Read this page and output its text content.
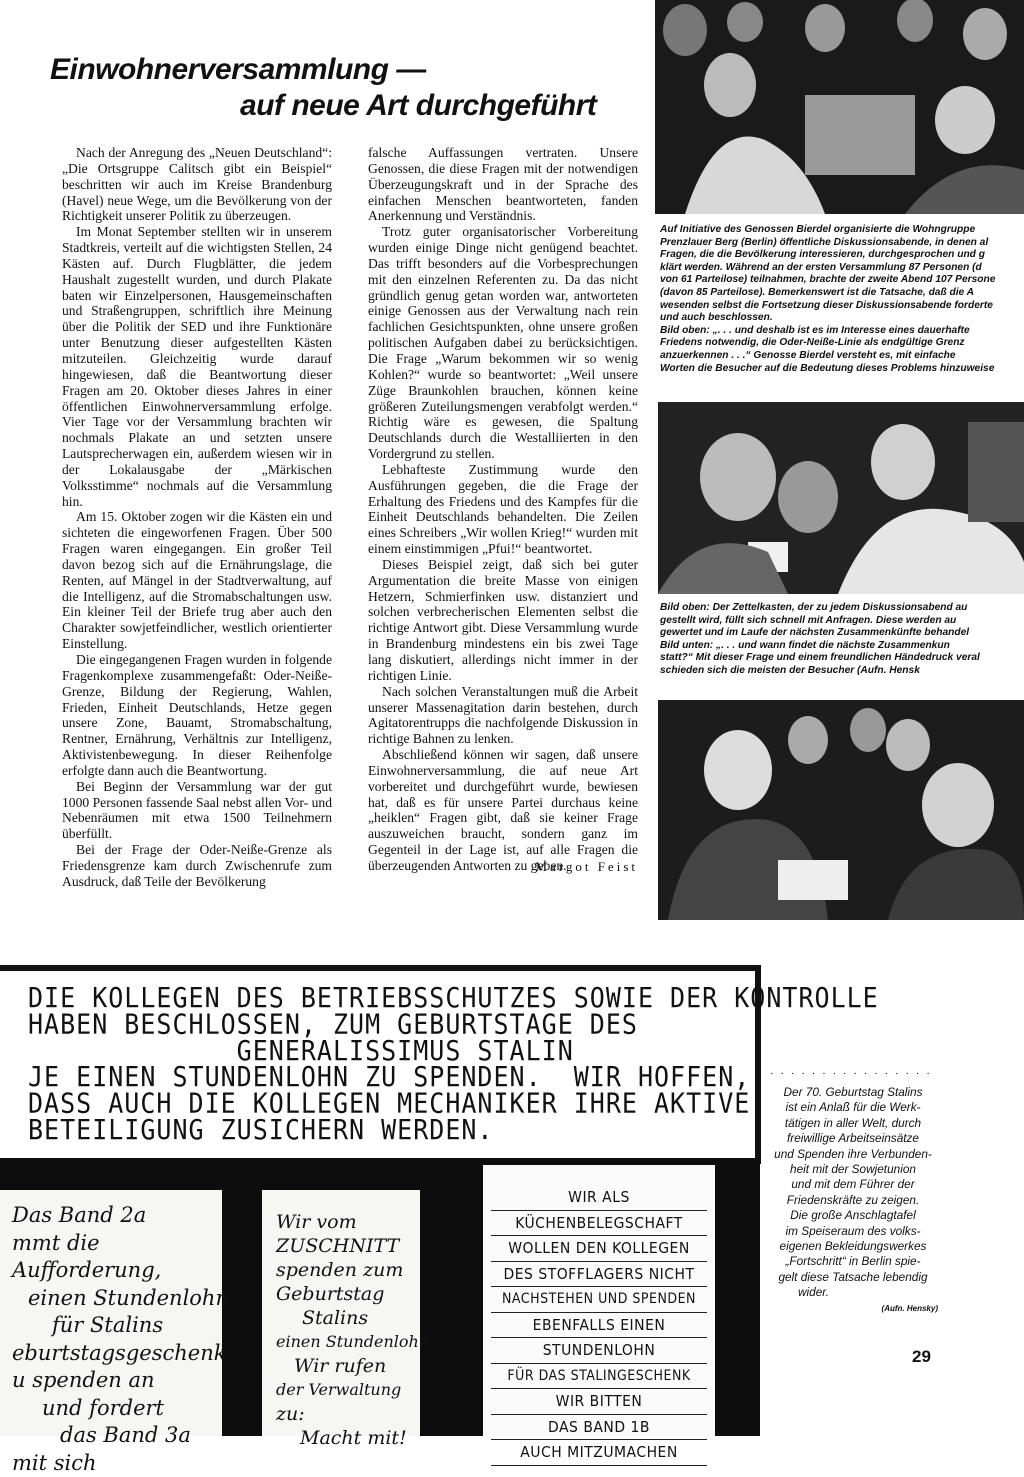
Einwohnerversammlung —
auf neue Art durchgeführt

Nach der Anregung des „Neuen Deutschland“: „Die Ortsgruppe Calitsch gibt ein Beispiel“ beschritten wir auch im Kreise Brandenburg (Havel) neue Wege, um die Bevölkerung von der Richtigkeit unserer Politik zu überzeugen.

Im Monat September stellten wir in unserem Stadtkreis, verteilt auf die wichtigsten Stellen, 24 Kästen auf. Durch Flugblätter, die jedem Haushalt zugestellt wurden, und durch Plakate baten wir Einzelpersonen, Hausgemeinschaften und Straßengruppen, schriftlich ihre Meinung über die Politik der SED und ihre Funktionäre unter Benutzung dieser aufgestellten Kästen mitzuteilen. Gleichzeitig wurde darauf hingewiesen, daß die Beantwortung dieser Fragen am 20. Oktober dieses Jahres in einer öffentlichen Einwohnerversammlung erfolge. Vier Tage vor der Versammlung brachten wir nochmals Plakate an und setzten unsere Lautsprecherwagen ein, außerdem wiesen wir in der Lokalausgabe der „Märkischen Volksstimme“ nochmals auf die Versammlung hin.

Am 15. Oktober zogen wir die Kästen ein und sichteten die eingeworfenen Fragen. Über 500 Fragen waren eingegangen. Ein großer Teil davon bezog sich auf die Ernährungslage, die Renten, auf Mängel in der Stadtverwaltung, auf die Intelligenz, auf die Stromabschaltungen usw. Ein kleiner Teil der Briefe trug aber auch den Charakter sowjetfeindlicher, westlich orientierter Einstellung.

Die eingegangenen Fragen wurden in folgende Fragenkomplexe zusammengefaßt: Oder-Neiße-Grenze, Bildung der Regierung, Wahlen, Frieden, Einheit Deutschlands, Hetze gegen unsere Zone, Bauamt, Stromabschaltung, Rentner, Ernährung, Verhältnis zur Intelligenz, Aktivistenbewegung. In dieser Reihenfolge erfolgte dann auch die Beantwortung.

Bei Beginn der Versammlung war der gut 1000 Personen fassende Saal nebst allen Vor- und Nebenräumen mit etwa 1500 Teilnehmern überfüllt.

Bei der Frage der Oder-Neiße-Grenze als Friedensgrenze kam durch Zwischenrufe zum Ausdruck, daß Teile der Bevölkerung

falsche Auffassungen vertraten. Unsere Genossen, die diese Fragen mit der notwendigen Überzeugungskraft und in der Sprache des einfachen Menschen beantworteten, fanden Anerkennung und Verständnis.

Trotz guter organisatorischer Vorbereitung wurden einige Dinge nicht genügend beachtet. Das trifft besonders auf die Vorbesprechungen mit den einzelnen Referenten zu. Da das nicht gründlich genug getan worden war, antworteten einige Genossen aus der Verwaltung nach rein fachlichen Gesichtspunkten, ohne unsere großen politischen Aufgaben dabei zu berücksichtigen. Die Frage „Warum bekommen wir so wenig Kohlen?“ wurde so beantwortet: „Weil unsere Züge Braunkohlen brauchen, können keine größeren Zuteilungsmengen verabfolgt werden.“ Richtig wäre es gewesen, die Spaltung Deutschlands durch die Westalliierten in den Vordergrund zu stellen.

Lebhafteste Zustimmung wurde den Ausführungen gegeben, die die Frage der Erhaltung des Friedens und des Kampfes für die Einheit Deutschlands behandelten. Die Zeilen eines Schreibers „Wir wollen Krieg!“ wurden mit einem einstimmigen „Pfui!“ beantwortet.

Dieses Beispiel zeigt, daß sich bei guter Argumentation die breite Masse von einigen Hetzern, Schmierfinken usw. distanziert und solchen verbrecherischen Elementen selbst die richtige Antwort gibt. Diese Versammlung wurde in Brandenburg mindestens ein bis zwei Tage lang diskutiert, allerdings nicht immer in der richtigen Linie.

Nach solchen Veranstaltungen muß die Arbeit unserer Massenagitation darin bestehen, durch Agitatorentrupps die nachfolgende Diskussion in richtige Bahnen zu lenken.

Abschließend können wir sagen, daß unsere Einwohnerversammlung, die auf neue Art vorbereitet und durchgeführt wurde, bewiesen hat, daß es für unsere Partei durchaus keine „heiklen“ Fragen gibt, daß sie keiner Frage auszuweichen braucht, sondern ganz im Gegenteil in der Lage ist, auf alle Fragen die überzeugenden Antworten zu geben.

Margot Feist
Auf Initiative des Genossen Bierdel organisierte die Wohngruppe
Prenzlauer Berg (Berlin) öffentliche Diskussionsabende, in denen al
Fragen, die die Bevölkerung interessieren, durchgesprochen und g
klärt werden. Während an der ersten Versammlung 87 Personen (d
von 61 Parteilose) teilnahmen, brachte der zweite Abend 107 Persone
(davon 85 Parteilose). Bemerkenswert ist die Tatsache, daß die A
wesenden selbst die Fortsetzung dieser Diskussionsabende forderte
und auch beschlossen.
Bild oben: „. . . und deshalb ist es im Interesse eines dauerhafte
Friedens notwendig, die Oder-Neiße-Linie als endgültige Grenz
anzuerkennen . . .“ Genosse Bierdel versteht es, mit einfache
Worten die Besucher auf die Bedeutung dieses Problems hinzuweise
Bild oben: Der Zettelkasten, der zu jedem Diskussionsabend au
gestellt wird, füllt sich schnell mit Anfragen. Diese werden au
gewertet und im Laufe der nächsten Zusammenkünfte behandel
Bild unten: „. . . und wann findet die nächste Zusammenkun
statt?“ Mit dieser Frage und einem freundlichen Händedruck veral
schieden sich die meisten der Besucher (Aufn. Hensk
DIE KOLLEGEN DES BETRIEBSSCHUTZES SOWIE DER KONTROLLE
HABEN BESCHLOSSEN, ZUM GEBURTSTAGE DES
GENERALISSIMUS STALIN
JE EINEN STUNDENLOHN ZU SPENDEN.  WIR HOFFEN,
DASS AUCH DIE KOLLEGEN MECHANIKER IHRE AKTIVE
BETEILIGUNG ZUSICHERN WERDEN.
Das Band 2a
mmt die
Aufforderung,
einen Stundenlohn
für Stalins
eburtstagsgeschenk
u spenden an
und fordert
das Band 3a
mit sich
Wir vom
ZUSCHNITT
spenden zum
Geburtstag
Stalins
einen Stundenlohn
Wir rufen
der Verwaltung
zu:
Macht mit!
WIR ALS
KÜCHENBELEGSCHAFT
WOLLEN DEN KOLLEGEN
DES STOFFLAGERS NICHT
NACHSTEHEN UND SPENDEN
EBENFALLS EINEN
STUNDENLOHN
FÜR DAS STALINGESCHENK
WIR BITTEN
DAS BAND 1B
AUCH MITZUMACHEN
· · · · · · · · · · · · · · · ·
Der 70. Geburtstag Stalins
ist ein Anlaß für die Werk-
tätigen in aller Welt, durch
freiwillige Arbeitseinsätze
und Spenden ihre Verbunden-
heit mit der Sowjetunion
und mit dem Führer der
Friedenskräfte zu zeigen.
Die große Anschlagtafel
im Speiseraum des volks-
eigenen Bekleidungswerkes
„Fortschritt“ in Berlin spie-
gelt diese Tatsache lebendig
wider.
(Aufn. Hensky)
29
